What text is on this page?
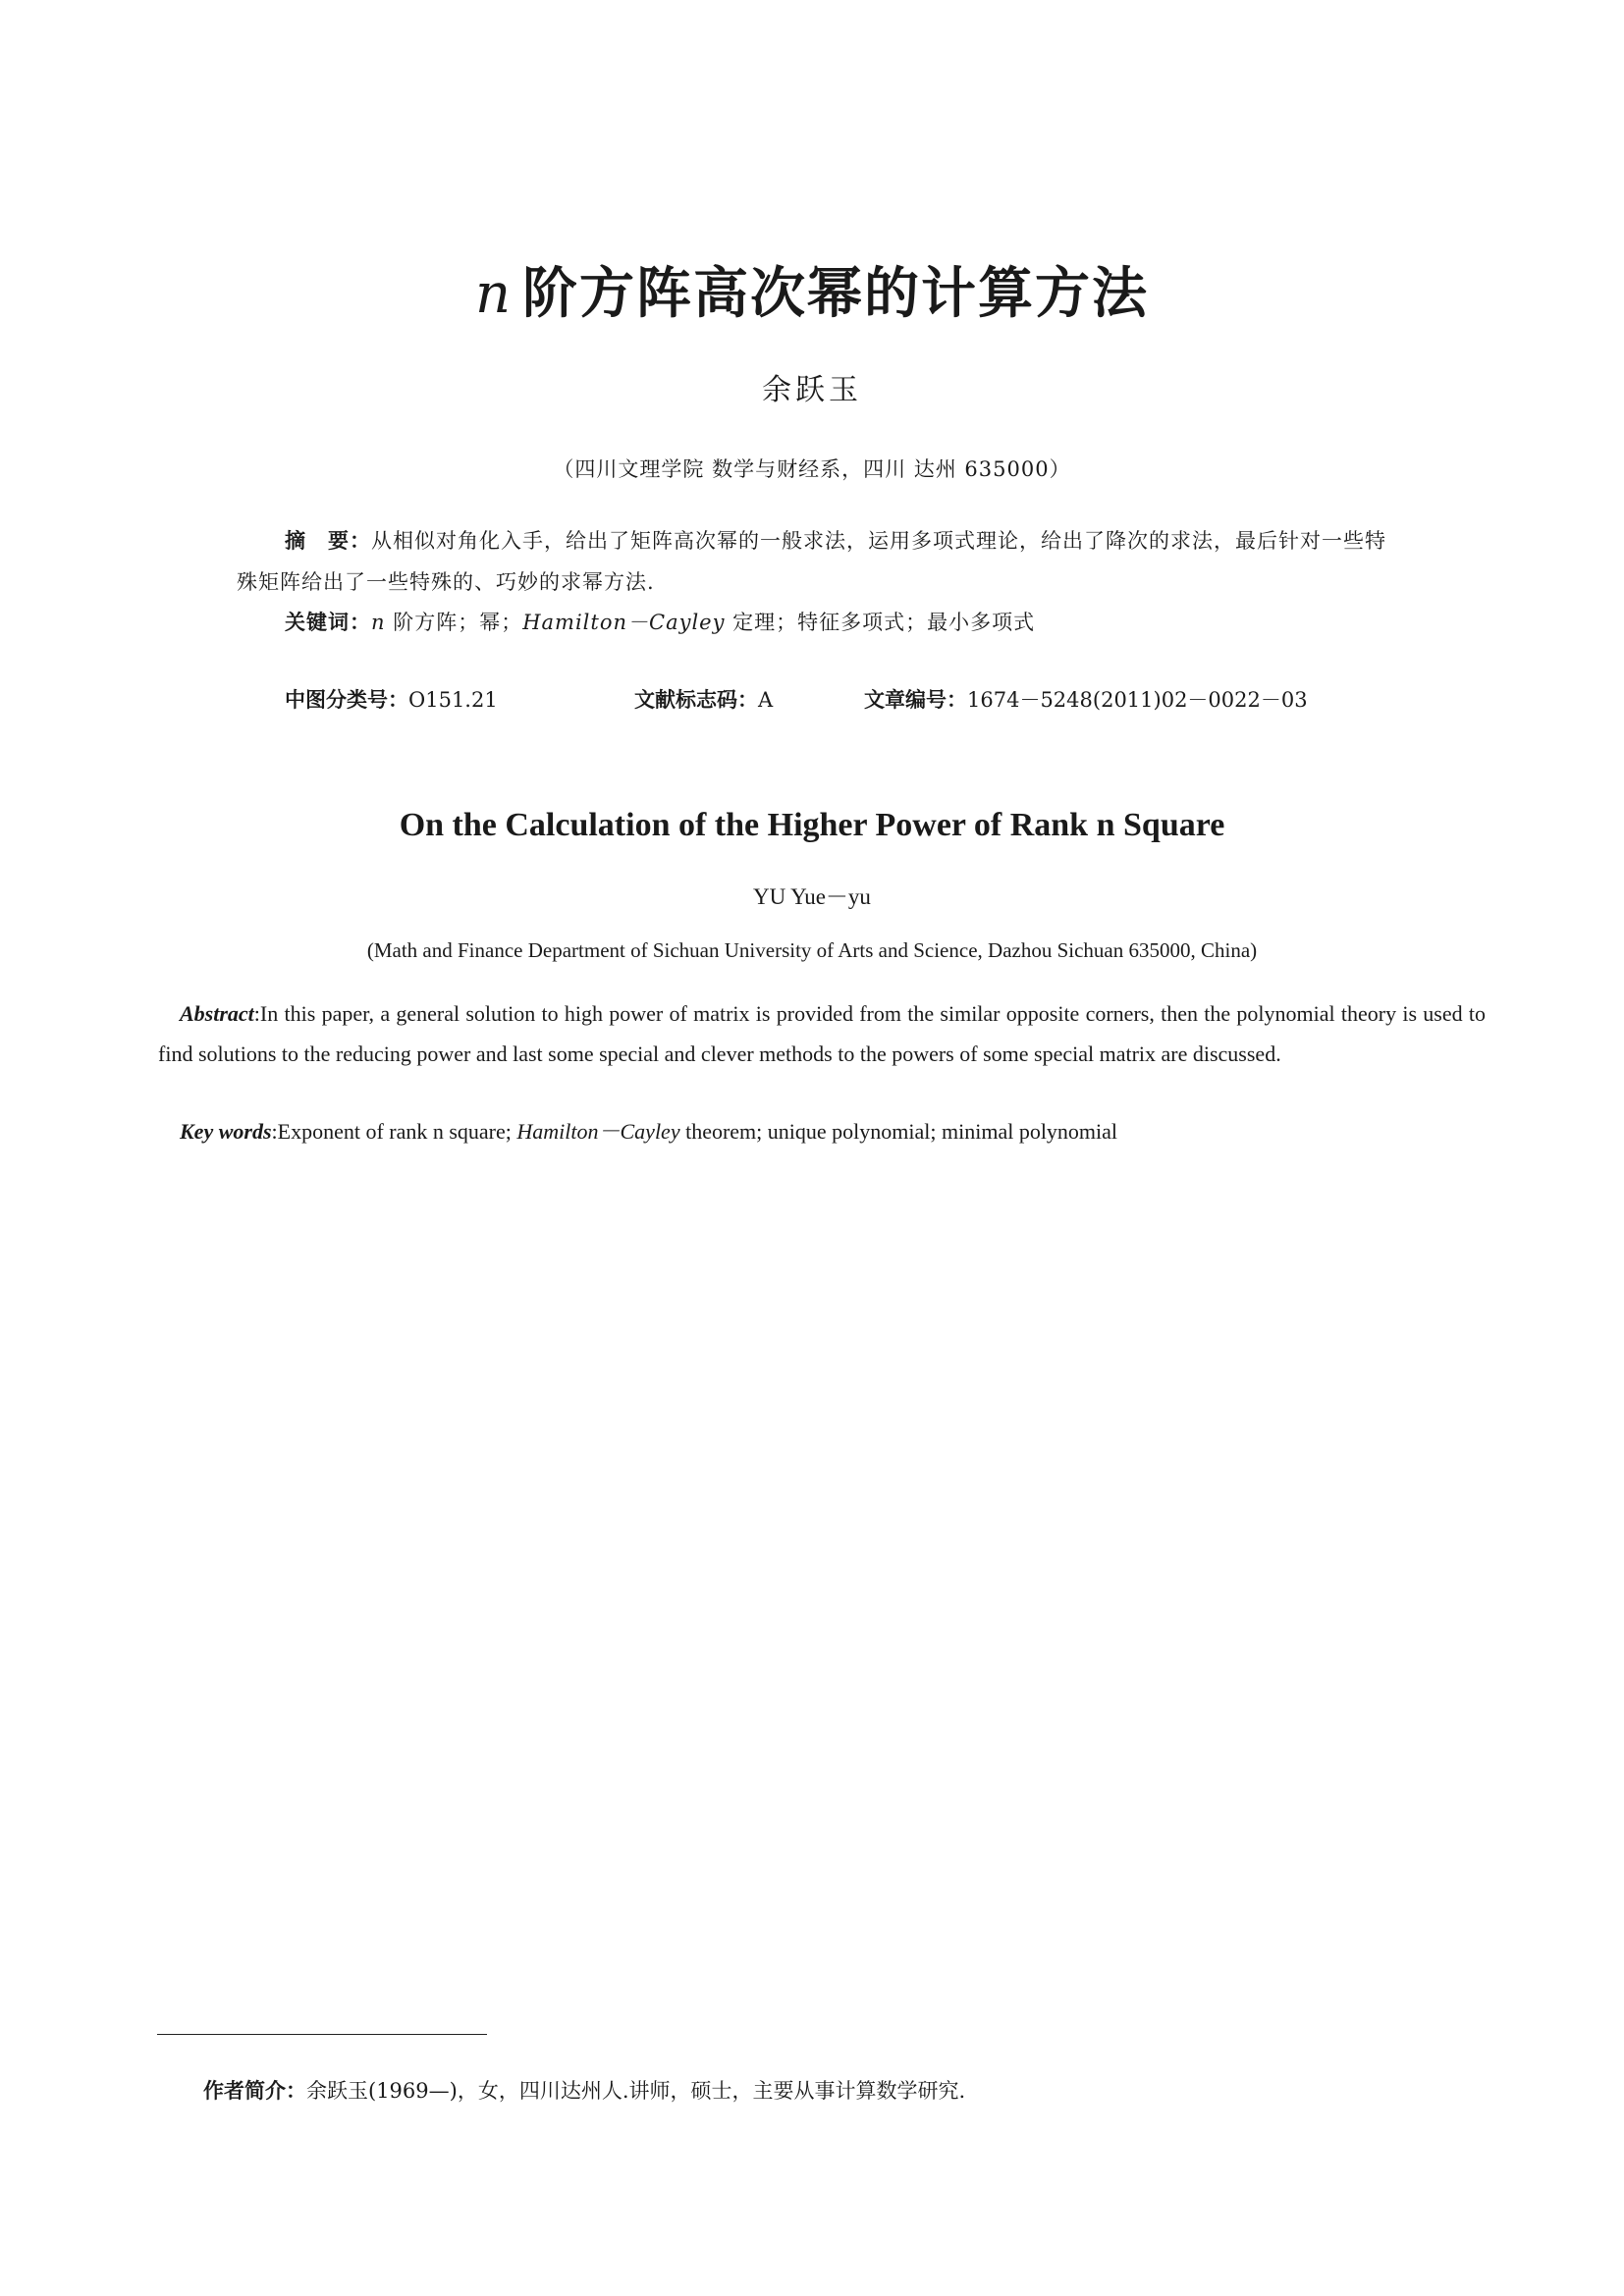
n 阶方阵高次幂的计算方法
余跃玉
（四川文理学院 数学与财经系，四川 达州 635000）
摘　要：从相似对角化入手，给出了矩阵高次幂的一般求法，运用多项式理论，给出了降次的求法，最后针对一些特殊矩阵给出了一些特殊的、巧妙的求幂方法.
关键词：n 阶方阵；幂；Hamilton－Cayley 定理；特征多项式；最小多项式
中图分类号：O151.21	文献标志码：A	文章编号：1674－5248(2011)02－0022－03
On the Calculation of the Higher Power of Rank n Square
YU Yue－yu
(Math and Finance Department of Sichuan University of Arts and Science, Dazhou Sichuan 635000, China)
Abstract:In this paper, a general solution to high power of matrix is provided from the similar opposite corners, then the polynomial theory is used to find solutions to the reducing power and last some special and clever methods to the powers of some special matrix are discussed.
Key words:Exponent of rank n square; Hamilton－Cayley theorem; unique polynomial; minimal polynomial
作者简介：余跃玉(1969—)，女，四川达州人.讲师，硕士，主要从事计算数学研究.
